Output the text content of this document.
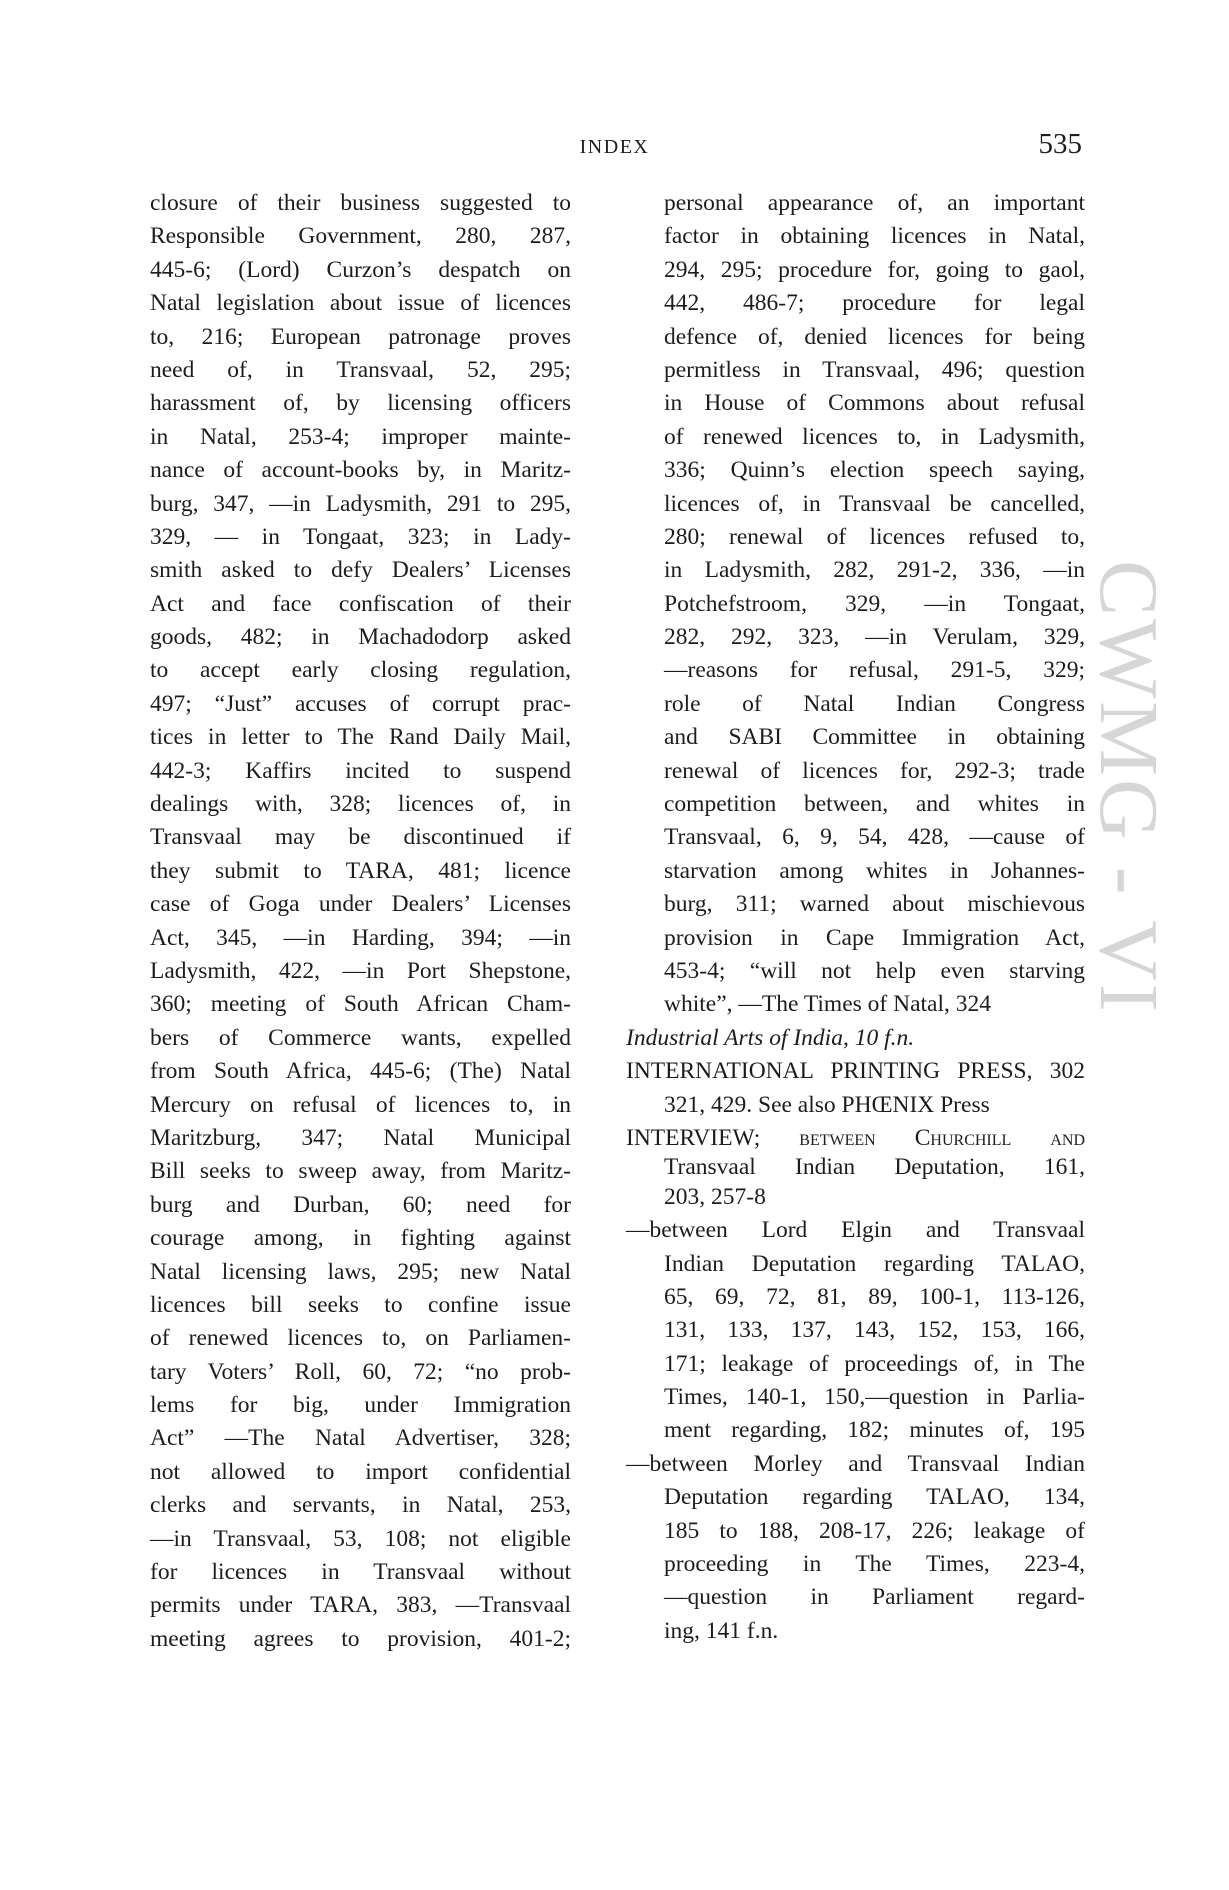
INDEX	535
CWMG - VI
closure of their business suggested to
Responsible Government, 280, 287,
445-6; (Lord) Curzon’s despatch on
Natal legislation about issue of licences
to, 216; European patronage proves
need of, in Transvaal, 52, 295;
harassment of, by licensing officers
in Natal, 253-4; improper mainte-
nance of account-books by, in Maritz-
burg, 347, —in Ladysmith, 291 to 295,
329, — in Tongaat, 323; in Lady-
smith asked to defy Dealers’ Licenses
Act and face confiscation of their
goods, 482; in Machadodorp asked
to accept early closing regulation,
497; “Just” accuses of corrupt prac-
tices in letter to The Rand Daily Mail,
442-3; Kaffirs incited to suspend
dealings with, 328; licences of, in
Transvaal may be discontinued if
they submit to TARA, 481; licence
case of Goga under Dealers’ Licenses
Act, 345, —in Harding, 394; —in
Ladysmith, 422, —in Port Shepstone,
360; meeting of South African Cham-
bers of Commerce wants, expelled
from South Africa, 445-6; (The) Natal
Mercury on refusal of licences to, in
Maritzburg, 347; Natal Municipal
Bill seeks to sweep away, from Maritz-
burg and Durban, 60; need for
courage among, in fighting against
Natal licensing laws, 295; new Natal
licences bill seeks to confine issue
of renewed licences to, on Parliamen-
tary Voters’ Roll, 60, 72; “no prob-
lems for big, under Immigration
Act” —The Natal Advertiser, 328;
not allowed to import confidential
clerks and servants, in Natal, 253,
—in Transvaal, 53, 108; not eligible
for licences in Transvaal without
permits under TARA, 383, —Transvaal
meeting agrees to provision, 401-2;
personal appearance of, an important
factor in obtaining licences in Natal,
294, 295; procedure for, going to gaol,
442, 486-7; procedure for legal
defence of, denied licences for being
permitless in Transvaal, 496; question
in House of Commons about refusal
of renewed licences to, in Ladysmith,
336; Quinn’s election speech saying,
licences of, in Transvaal be cancelled,
280; renewal of licences refused to,
in Ladysmith, 282, 291-2, 336, —in
Potchefstroom, 329, —in Tongaat,
282, 292, 323, —in Verulam, 329,
—reasons for refusal, 291-5, 329;
role of Natal Indian Congress
and SABI Committee in obtaining
renewal of licences for, 292-3; trade
competition between, and whites in
Transvaal, 6, 9, 54, 428, —cause of
starvation among whites in Johannes-
burg, 311; warned about mischievous
provision in Cape Immigration Act,
453-4; “will not help even starving
white”, —The Times of Natal, 324
Industrial Arts of India, 10 f.n.
INTERNATIONAL PRINTING PRESS, 302
321, 429. See also PHŒNIX Press
INTERVIEW; between Churchill and
Transvaal Indian Deputation, 161,
203, 257-8
—between Lord Elgin and Transvaal
Indian Deputation regarding TALAO,
65, 69, 72, 81, 89, 100-1, 113-126,
131, 133, 137, 143, 152, 153, 166,
171; leakage of proceedings of, in The
Times, 140-1, 150,—question in Parlia-
ment regarding, 182; minutes of, 195
—between Morley and Transvaal Indian
Deputation regarding TALAO, 134,
185 to 188, 208-17, 226; leakage of
proceeding in The Times, 223-4,
—question in Parliament regard-
ing, 141 f.n.
